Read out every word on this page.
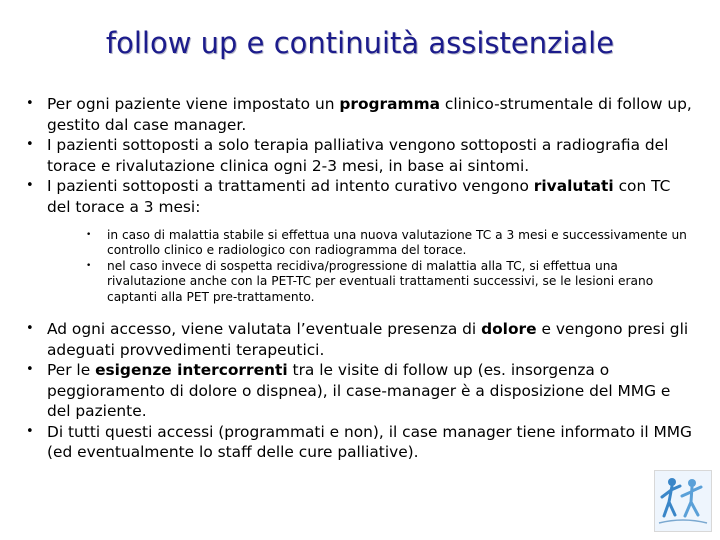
follow up e continuità assistenziale
• Per ogni paziente viene impostato un programma clinico-strumentale di follow up, gestito dal case manager.
• I pazienti sottoposti a solo terapia palliativa vengono sottoposti a radiografia del torace e rivalutazione clinica ogni 2-3 mesi, in base ai sintomi.
• I pazienti sottoposti a trattamenti ad intento curativo vengono rivalutati con TC del torace a 3 mesi:
• in caso di malattia stabile si effettua una nuova valutazione TC a 3 mesi e successivamente un controllo clinico e radiologico con radiogramma del torace.
• nel caso invece di sospetta recidiva/progressione di malattia alla TC, si effettua una rivalutazione anche con la PET-TC per eventuali trattamenti successivi, se le lesioni erano captanti alla PET pre-trattamento.
• Ad ogni accesso, viene valutata l’eventuale presenza di dolore e vengono presi gli adeguati provvedimenti terapeutici.
• Per le esigenze intercorrenti tra le visite di follow up (es. insorgenza o peggioramento di dolore o dispnea), il case-manager è a disposizione del MMG e del paziente.
• Di tutti questi accessi (programmati e non), il case manager tiene informato il MMG (ed eventualmente lo staff delle cure palliative).
